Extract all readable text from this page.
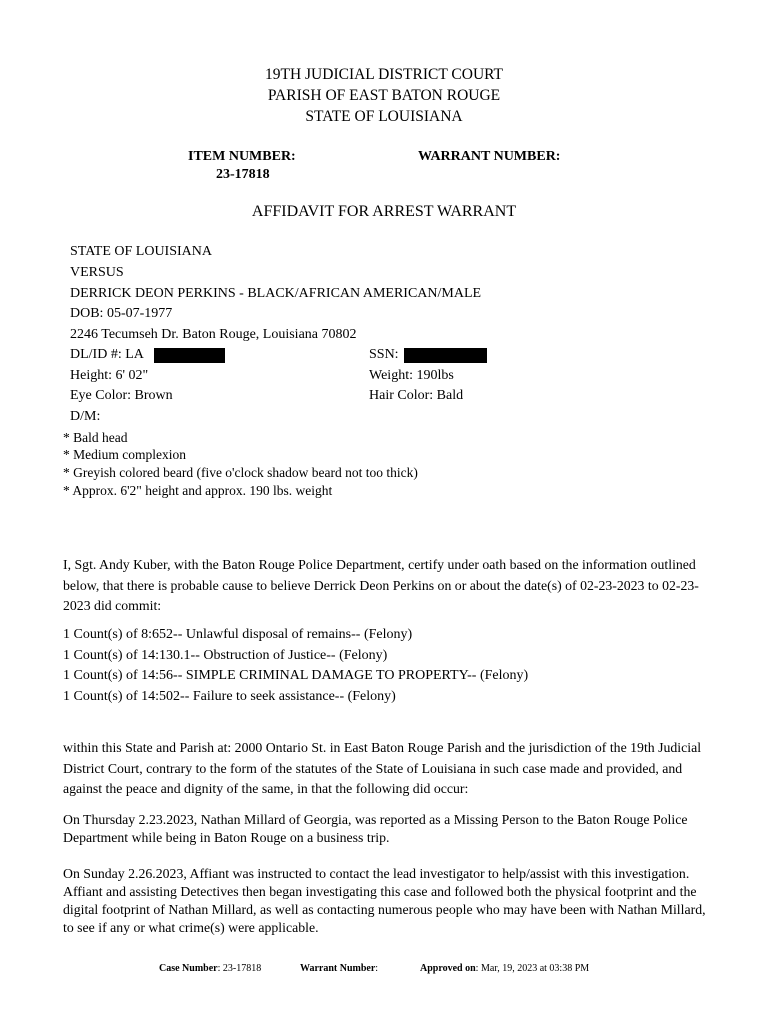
19TH JUDICIAL DISTRICT COURT
PARISH OF EAST BATON ROUGE
STATE OF LOUISIANA
ITEM NUMBER:
23-17818
WARRANT NUMBER:
AFFIDAVIT FOR ARREST WARRANT
STATE OF LOUISIANA
VERSUS
DERRICK DEON PERKINS - BLACK/AFRICAN AMERICAN/MALE
DOB: 05-07-1977
2246 Tecumseh Dr. Baton Rouge, Louisiana 70802
DL/ID #: LA	SSN:
Height: 6' 02"	Weight: 190lbs
Eye Color: Brown	Hair Color: Bald
D/M:
* Bald head
* Medium complexion
* Greyish colored beard (five o'clock shadow beard not too thick)
* Approx. 6'2" height and approx. 190 lbs. weight
I, Sgt. Andy Kuber, with the Baton Rouge Police Department, certify under oath based on the information outlined below, that there is probable cause to believe Derrick Deon Perkins on or about the date(s) of 02-23-2023 to 02-23-2023 did commit:
1 Count(s) of 8:652-- Unlawful disposal of remains-- (Felony)
1 Count(s) of 14:130.1-- Obstruction of Justice-- (Felony)
1 Count(s) of 14:56-- SIMPLE CRIMINAL DAMAGE TO PROPERTY-- (Felony)
1 Count(s) of 14:502-- Failure to seek assistance-- (Felony)
within this State and Parish at: 2000 Ontario St. in East Baton Rouge Parish and the jurisdiction of the 19th Judicial District Court, contrary to the form of the statutes of the State of Louisiana in such case made and provided, and against the peace and dignity of the same, in that the following did occur:
On Thursday 2.23.2023, Nathan Millard of Georgia, was reported as a Missing Person to the Baton Rouge Police Department while being in Baton Rouge on a business trip.
On Sunday 2.26.2023, Affiant was instructed to contact the lead investigator to help/assist with this investigation. Affiant and assisting Detectives then began investigating this case and followed both the physical footprint and the digital footprint of Nathan Millard, as well as contacting numerous people who may have been with Nathan Millard, to see if any or what crime(s) were applicable.
Case Number: 23-17818	Warrant Number:	Approved on: Mar, 19, 2023 at 03:38 PM
